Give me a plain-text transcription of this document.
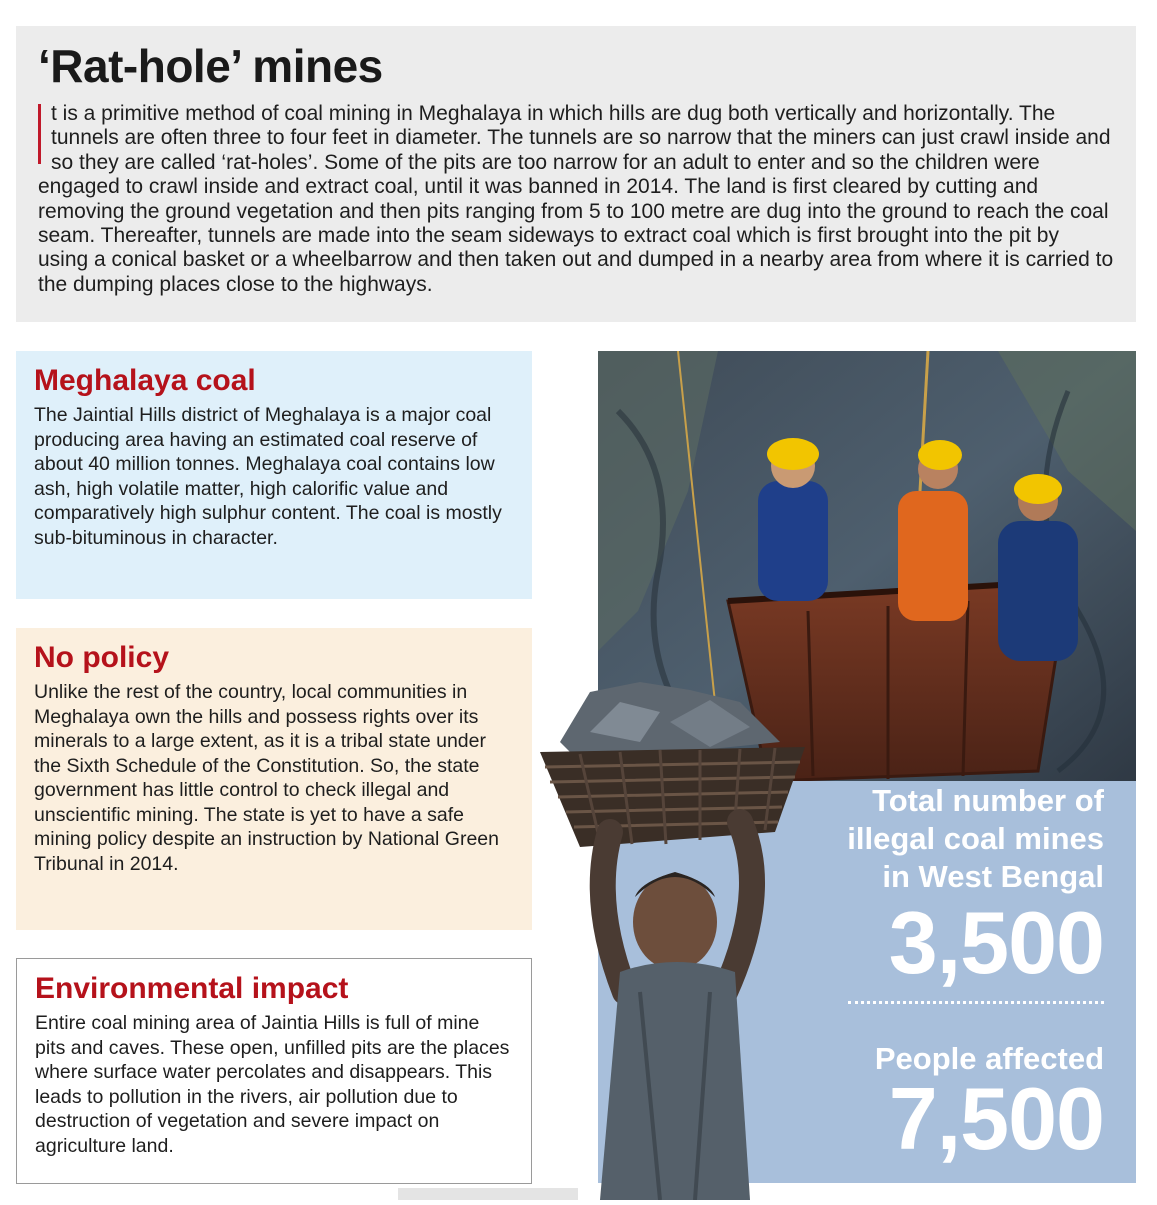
‘Rat-hole’ mines

t is a primitive method of coal mining in Meghalaya in which hills are dug both vertically and horizontally. The tunnels are often three to four feet in diameter. The tunnels are so narrow that the miners can just crawl inside and so they are called ‘rat-holes’. Some of the pits are too narrow for an adult to enter and so the children were engaged to crawl inside and extract coal, until it was banned in 2014. The land is first cleared by cutting and removing the ground vegetation and then pits ranging from 5 to 100 metre are dug into the ground to reach the coal seam. Thereafter, tunnels are made into the seam sideways to extract coal which is first brought into the pit by using a conical basket or a wheelbarrow and then taken out and dumped in a nearby area from where it is carried to the dumping places close to the highways.

Meghalaya coal

The Jaintial Hills district of Meghalaya is a major coal producing area having an estimated coal reserve of about 40 million tonnes. Meghalaya coal contains low ash, high volatile matter, high calorific value and comparatively high sulphur content. The coal is mostly sub-bituminous in character.

No policy

Unlike the rest of the country, local communities in Meghalaya own the hills and possess rights over its minerals to a large extent, as it is a tribal state under the Sixth Schedule of the Constitution. So, the state government has little control to check illegal and unscientific mining. The state is yet to have a safe mining policy despite an instruction by National Green Tribunal in 2014.

Environmental impact

Entire coal mining area of Jaintia Hills is full of mine pits and caves. These open, unfilled pits are the places where surface water percolates and disappears. This leads to pollution in the rivers, air pollution due to destruction of vegetation and severe impact on agriculture land.

Total number of
illegal coal mines
in West Bengal
3,500
People affected
7,500
